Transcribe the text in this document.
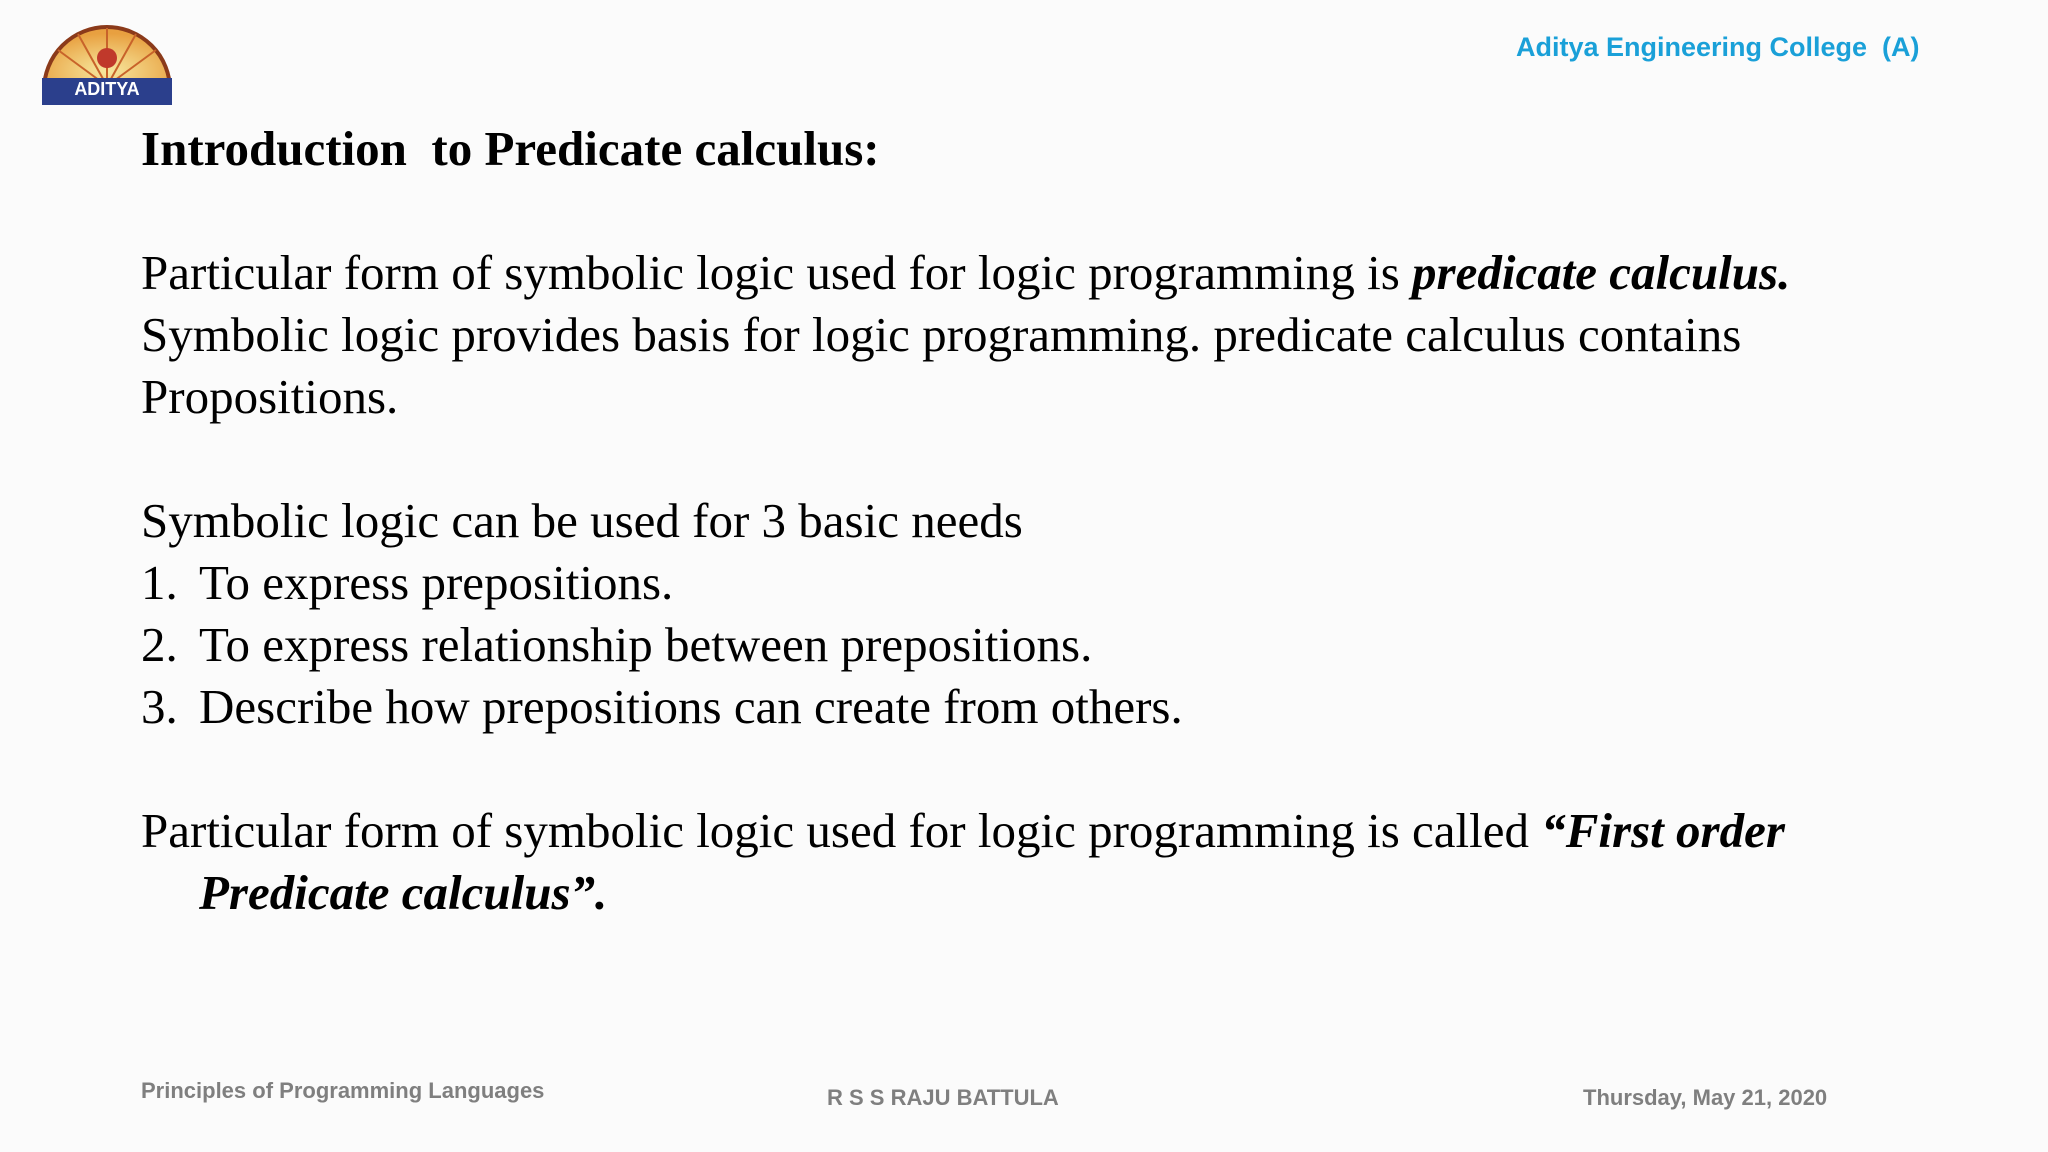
ADITYA
Aditya Engineering College  (A)
Introduction  to Predicate calculus:

Particular form of symbolic logic used for logic programming is predicate calculus.
Symbolic logic provides basis for logic programming. predicate calculus contains
Propositions.

Symbolic logic can be used for 3 basic needs
1. To express prepositions.
2. To express relationship between prepositions.
3. Describe how prepositions can create from others.

Particular form of symbolic logic used for logic programming is called “First order
Predicate calculus”.

Principles of Programming Languages	R S S RAJU BATTULA	Thursday, May 21, 2020
